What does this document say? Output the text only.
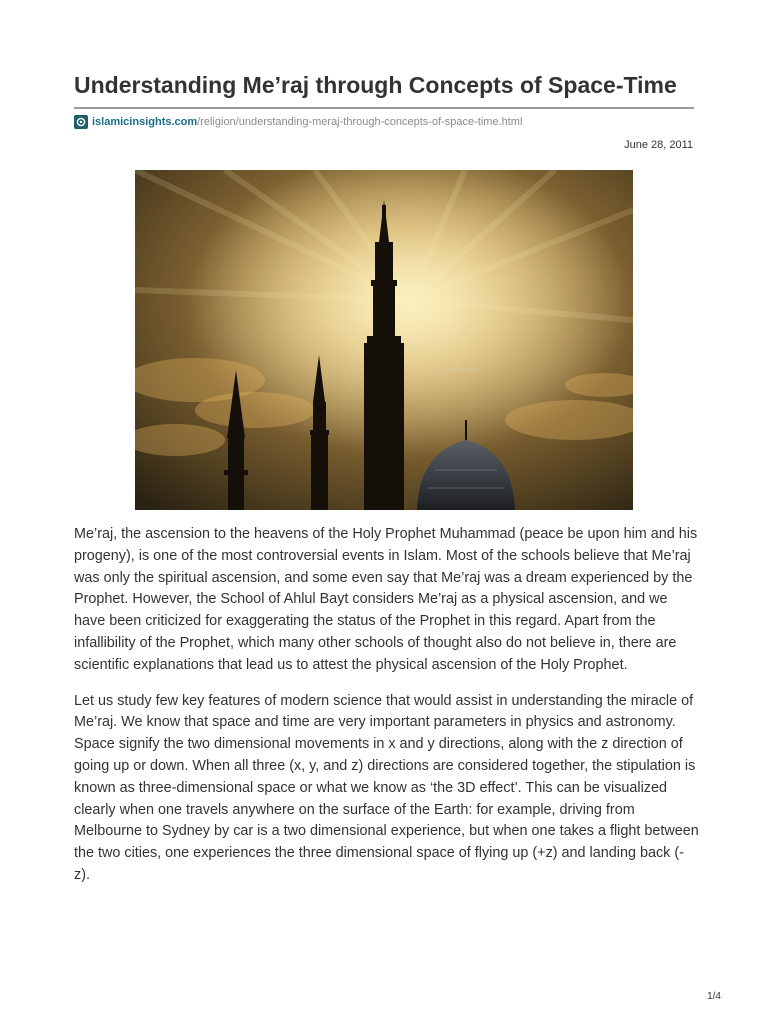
Understanding Me’raj through Concepts of Space-Time
islamicinsights.com /religion/understanding-meraj-through-concepts-of-space-time.html
June 28, 2011
Lazi Sallus 2008

Me’raj, the ascension to the heavens of the Holy Prophet Muhammad (peace be upon him and his progeny), is one of the most controversial events in Islam. Most of the schools believe that Me’raj was only the spiritual ascension, and some even say that Me’raj was a dream experienced by the Prophet. However, the School of Ahlul Bayt considers Me’raj as a physical ascension, and we have been criticized for exaggerating the status of the Prophet in this regard. Apart from the infallibility of the Prophet, which many other schools of thought also do not believe in, there are scientific explanations that lead us to attest the physical ascension of the Holy Prophet.

Let us study few key features of modern science that would assist in understanding the miracle of Me’raj. We know that space and time are very important parameters in physics and astronomy. Space signify the two dimensional movements in x and y directions, along with the z direction of going up or down. When all three (x, y, and z) directions are considered together, the stipulation is known as three-dimensional space or what we know as ‘the 3D effect’. This can be visualized clearly when one travels anywhere on the surface of the Earth: for example, driving from Melbourne to Sydney by car is a two dimensional experience, but when one takes a flight between the two cities, one experiences the three dimensional space of flying up (+z) and landing back (-z).

1/4
